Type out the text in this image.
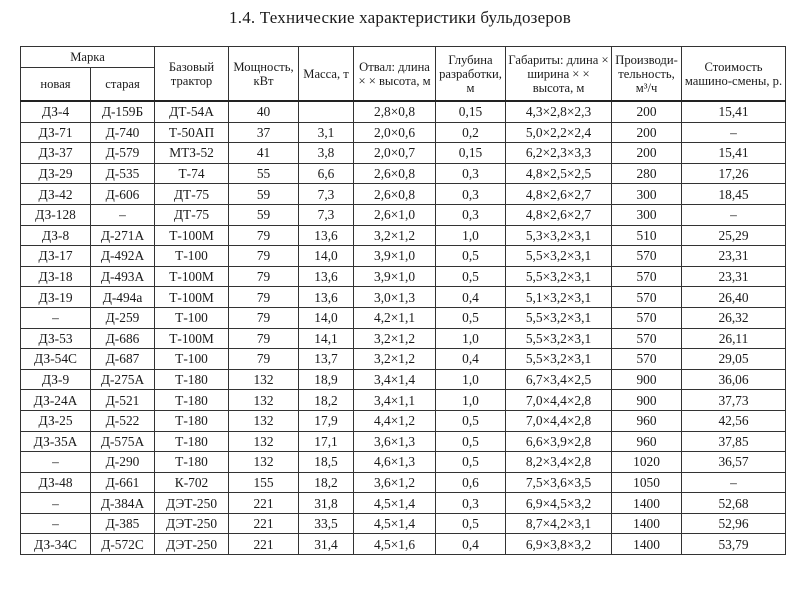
1.4. Технические характеристики бульдозеров
Марка		Базовый трактор	Мощность, кВт	Масса, т	Отвал: длина × × высота, м	Глубина разработки, м	Габариты: длина × ширина × × высота, м	Производи-тельность, м³/ч	Стоимость машино-смены, р.
новая	старая								
ДЗ-4	Д-159Б	ДТ-54А	40		2,8×0,8	0,15	4,3×2,8×2,3	200	15,41
ДЗ-71	Д-740	Т-50АП	37	3,1	2,0×0,6	0,2	5,0×2,2×2,4	200	–
ДЗ-37	Д-579	МТЗ-52	41	3,8	2,0×0,7	0,15	6,2×2,3×3,3	200	15,41
ДЗ-29	Д-535	Т-74	55	6,6	2,6×0,8	0,3	4,8×2,5×2,5	280	17,26
ДЗ-42	Д-606	ДТ-75	59	7,3	2,6×0,8	0,3	4,8×2,6×2,7	300	18,45
ДЗ-128	–	ДТ-75	59	7,3	2,6×1,0	0,3	4,8×2,6×2,7	300	–
ДЗ-8	Д-271А	Т-100М	79	13,6	3,2×1,2	1,0	5,3×3,2×3,1	510	25,29
ДЗ-17	Д-492А	Т-100	79	14,0	3,9×1,0	0,5	5,5×3,2×3,1	570	23,31
ДЗ-18	Д-493А	Т-100М	79	13,6	3,9×1,0	0,5	5,5×3,2×3,1	570	23,31
ДЗ-19	Д-494а	Т-100М	79	13,6	3,0×1,3	0,4	5,1×3,2×3,1	570	26,40
–	Д-259	Т-100	79	14,0	4,2×1,1	0,5	5,5×3,2×3,1	570	26,32
ДЗ-53	Д-686	Т-100М	79	14,1	3,2×1,2	1,0	5,5×3,2×3,1	570	26,11
ДЗ-54С	Д-687	Т-100	79	13,7	3,2×1,2	0,4	5,5×3,2×3,1	570	29,05
ДЗ-9	Д-275А	Т-180	132	18,9	3,4×1,4	1,0	6,7×3,4×2,5	900	36,06
ДЗ-24А	Д-521	Т-180	132	18,2	3,4×1,1	1,0	7,0×4,4×2,8	900	37,73
ДЗ-25	Д-522	Т-180	132	17,9	4,4×1,2	0,5	7,0×4,4×2,8	960	42,56
ДЗ-35А	Д-575А	Т-180	132	17,1	3,6×1,3	0,5	6,6×3,9×2,8	960	37,85
–	Д-290	Т-180	132	18,5	4,6×1,3	0,5	8,2×3,4×2,8	1020	36,57
ДЗ-48	Д-661	К-702	155	18,2	3,6×1,2	0,6	7,5×3,6×3,5	1050	–
–	Д-384А	ДЭТ-250	221	31,8	4,5×1,4	0,3	6,9×4,5×3,2	1400	52,68
–	Д-385	ДЭТ-250	221	33,5	4,5×1,4	0,5	8,7×4,2×3,1	1400	52,96
ДЗ-34С	Д-572С	ДЭТ-250	221	31,4	4,5×1,6	0,4	6,9×3,8×3,2	1400	53,79
